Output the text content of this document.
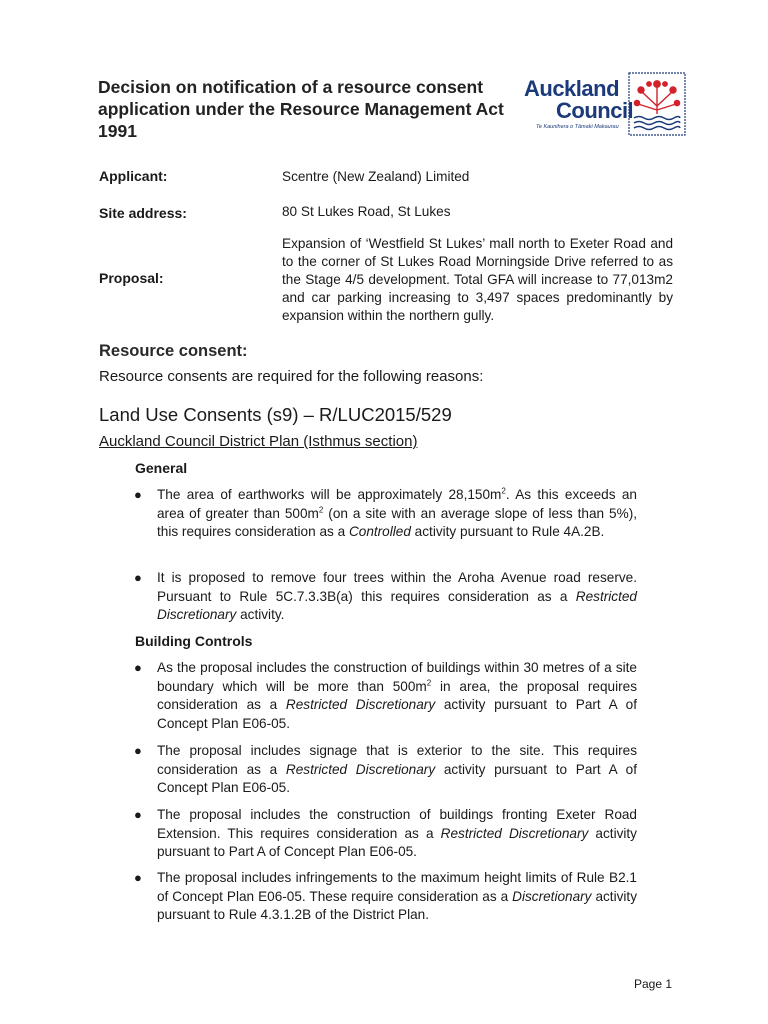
Decision on notification of a resource consent application under the Resource Management Act 1991
Auckland
Council
Te Kaunihera o Tāmaki Makaurau
Applicant:	Scentre (New Zealand) Limited
Site address:	80 St Lukes Road, St Lukes
Proposal:
Expansion of ‘Westfield St Lukes’ mall north to Exeter Road and to the corner of St Lukes Road Morningside Drive referred to as the Stage 4/5 development. Total GFA will increase to 77,013m2 and car parking increasing to 3,497 spaces predominantly by expansion within the northern gully.
Resource consent:
Resource consents are required for the following reasons:
Land Use Consents (s9) – R/LUC2015/529
Auckland Council District Plan (Isthmus section)
General
● The area of earthworks will be approximately $28,150m^2$. As this exceeds an area of greater than $500m^2$ (on a site with an average slope of less than 5%), this requires consideration as a Controlled activity pursuant to Rule 4A.2B.
● It is proposed to remove four trees within the Aroha Avenue road reserve. Pursuant to Rule 5C.7.3.3B(a) this requires consideration as a Restricted Discretionary activity.
Building Controls
● As the proposal includes the construction of buildings within 30 metres of a site boundary which will be more than $500m^2$ in area, the proposal requires consideration as a Restricted Discretionary activity pursuant to Part A of Concept Plan E06-05.
● The proposal includes signage that is exterior to the site. This requires consideration as a Restricted Discretionary activity pursuant to Part A of Concept Plan E06-05.
● The proposal includes the construction of buildings fronting Exeter Road Extension. This requires consideration as a Restricted Discretionary activity pursuant to Part A of Concept Plan E06-05.
● The proposal includes infringements to the maximum height limits of Rule B2.1 of Concept Plan E06-05. These require consideration as a Discretionary activity pursuant to Rule 4.3.1.2B of the District Plan.
Page 1
